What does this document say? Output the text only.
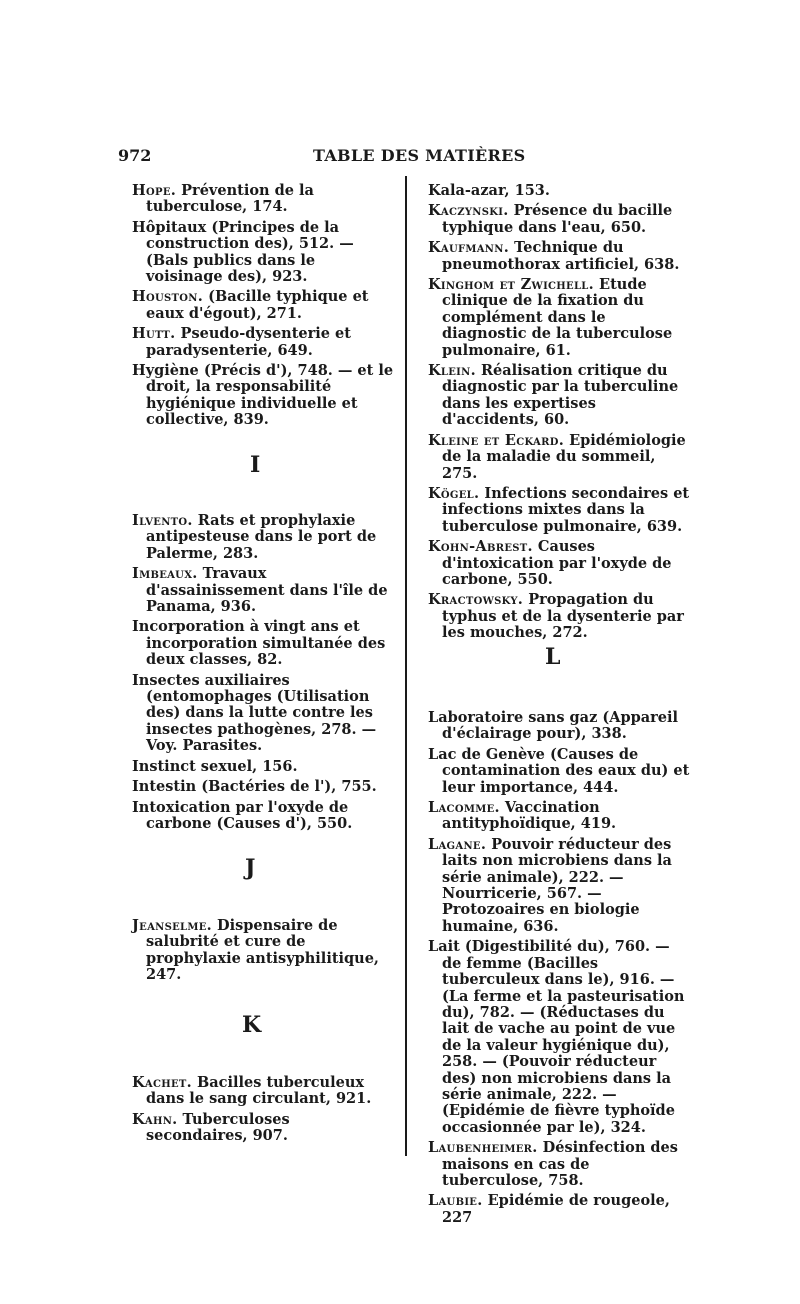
972	TABLE DES MATIÈRES

Hope. Prévention de la tuberculose, 174.

Hôpitaux (Principes de la construction des), 512. — (Bals publics dans le voisinage des), 923.

Houston. (Bacille typhique et eaux d'égout), 271.

Hutt. Pseudo-dysenterie et paradysenterie, 649.

Hygiène (Précis d'), 748. — et le droit, la responsabilité hygiénique individuelle et collective, 839.

I

Ilvento. Rats et prophylaxie antipesteuse dans le port de Palerme, 283.

Imbeaux. Travaux d'assainissement dans l'île de Panama, 936.

Incorporation à vingt ans et incorporation simultanée des deux classes, 82.

Insectes auxiliaires (entomophages (Utilisation des) dans la lutte contre les insectes pathogènes, 278. — Voy. Parasites.

Instinct sexuel, 156.

Intestin (Bactéries de l'), 755.

Intoxication par l'oxyde de carbone (Causes d'), 550.

J

Jeanselme. Dispensaire de salubrité et cure de prophylaxie antisyphilitique, 247.

K

Kachet. Bacilles tuberculeux dans le sang circulant, 921.

Kahn. Tuberculoses secondaires, 907.

Kala-azar, 153.

Kaczynski. Présence du bacille typhique dans l'eau, 650.

Kaufmann. Technique du pneumothorax artificiel, 638.

Kinghom et Zwichell. Etude clinique de la fixation du complément dans le diagnostic de la tuberculose pulmonaire, 61.

Klein. Réalisation critique du diagnostic par la tuberculine dans les expertises d'accidents, 60.

Kleine et Eckard. Epidémiologie de la maladie du sommeil, 275.

Kögel. Infections secondaires et infections mixtes dans la tuberculose pulmonaire, 639.

Kohn-Abrest. Causes d'intoxication par l'oxyde de carbone, 550.

Kractowsky. Propagation du typhus et de la dysenterie par les mouches, 272.

L

Laboratoire sans gaz (Appareil d'éclairage pour), 338.

Lac de Genève (Causes de contamination des eaux du) et leur importance, 444.

Lacomme. Vaccination antityphoïdique, 419.

Lagane. Pouvoir réducteur des laits non microbiens dans la série animale), 222. — Nourricerie, 567. — Protozoaires en biologie humaine, 636.

Lait (Digestibilité du), 760. — de femme (Bacilles tuberculeux dans le), 916. — (La ferme et la pasteurisation du), 782. — (Réductases du lait de vache au point de vue de la valeur hygiénique du), 258. — (Pouvoir réducteur des) non microbiens dans la série animale, 222. — (Epidémie de fièvre typhoïde occasionnée par le), 324.

Laubenheimer. Désinfection des maisons en cas de tuberculose, 758.

Laubie. Epidémie de rougeole, 227
